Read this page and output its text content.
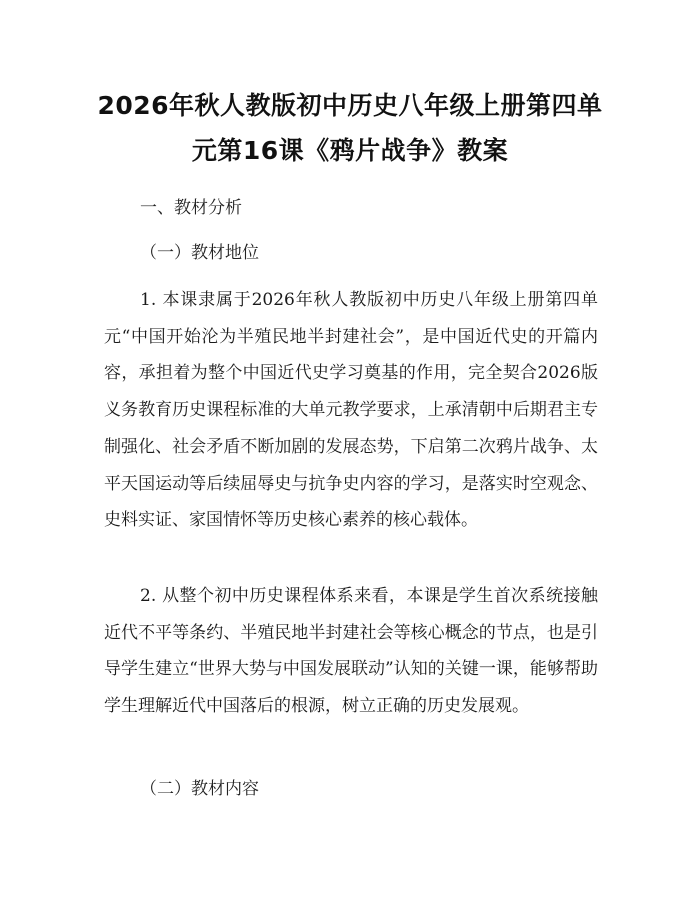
2026年秋人教版初中历史八年级上册第四单
元第16课《鸦片战争》教案
一、教材分析
（一）教材地位
1. 本课隶属于2026年秋人教版初中历史八年级上册第四单元“中国开始沦为半殖民地半封建社会”，是中国近代史的开篇内容，承担着为整个中国近代史学习奠基的作用，完全契合2026版义务教育历史课程标准的大单元教学要求，上承清朝中后期君主专制强化、社会矛盾不断加剧的发展态势，下启第二次鸦片战争、太平天国运动等后续屈辱史与抗争史内容的学习，是落实时空观念、史料实证、家国情怀等历史核心素养的核心载体。
2. 从整个初中历史课程体系来看，本课是学生首次系统接触近代不平等条约、半殖民地半封建社会等核心概念的节点，也是引导学生建立“世界大势与中国发展联动”认知的关键一课，能够帮助学生理解近代中国落后的根源，树立正确的历史发展观。
（二）教材内容
